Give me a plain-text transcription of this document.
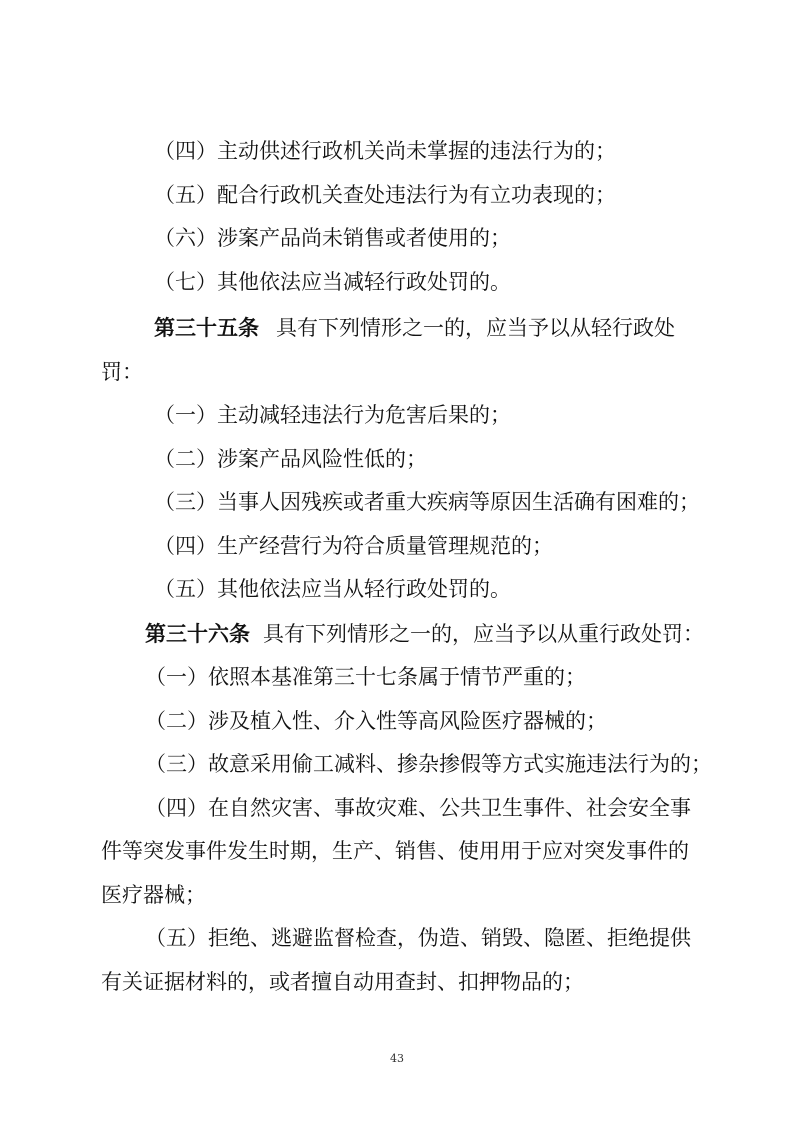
（四）主动供述行政机关尚未掌握的违法行为的；
（五）配合行政机关查处违法行为有立功表现的；
（六）涉案产品尚未销售或者使用的；
（七）其他依法应当减轻行政处罚的。
第三十五条 具有下列情形之一的，应当予以从轻行政处
罚：
（一）主动减轻违法行为危害后果的；
（二）涉案产品风险性低的；
（三）当事人因残疾或者重大疾病等原因生活确有困难的；
（四）生产经营行为符合质量管理规范的；
（五）其他依法应当从轻行政处罚的。
第三十六条 具有下列情形之一的，应当予以从重行政处罚：
（一）依照本基准第三十七条属于情节严重的；
（二）涉及植入性、介入性等高风险医疗器械的；
（三）故意采用偷工减料、掺杂掺假等方式实施违法行为的；
（四）在自然灾害、事故灾难、公共卫生事件、社会安全事
件等突发事件发生时期，生产、销售、使用用于应对突发事件的
医疗器械；
（五）拒绝、逃避监督检查，伪造、销毁、隐匿、拒绝提供
有关证据材料的，或者擅自动用查封、扣押物品的；
43
